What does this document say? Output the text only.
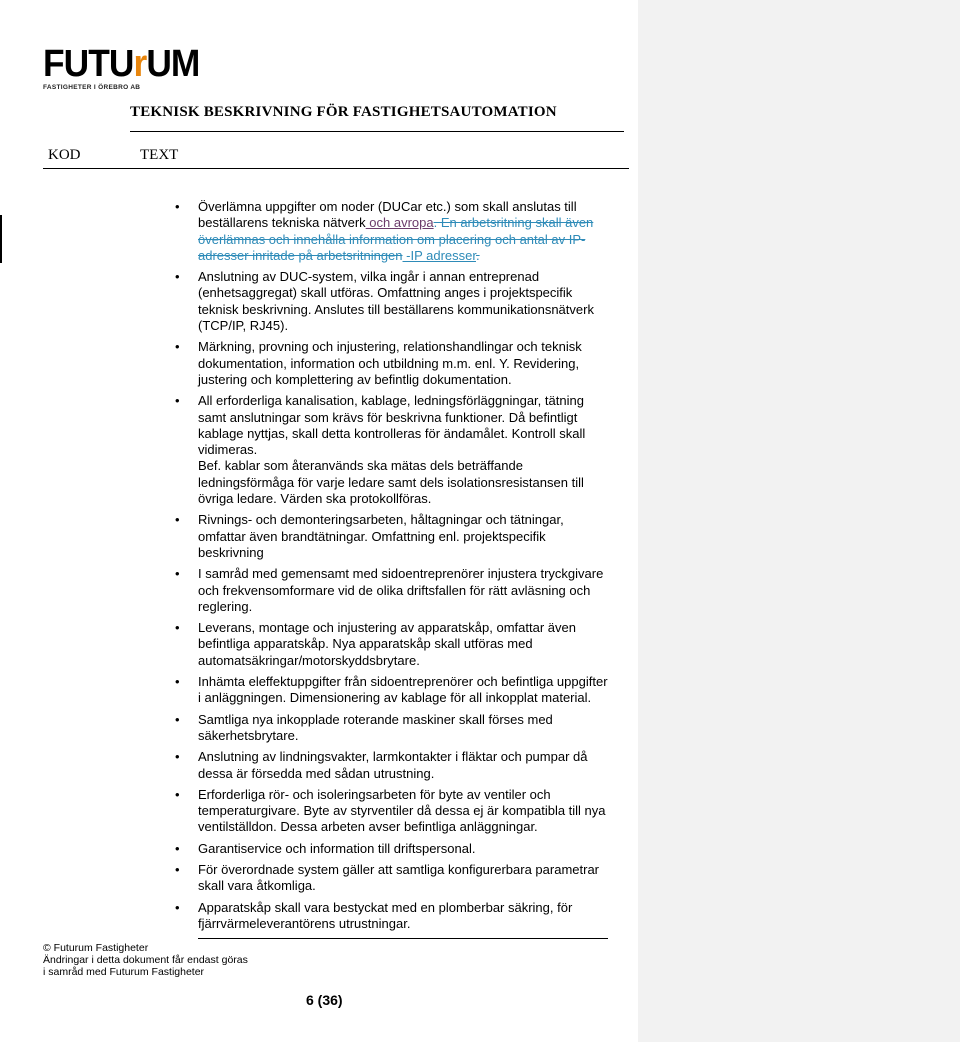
FUTU r UM
FASTIGHETER I ÖREBRO AB
TEKNISK BESKRIVNING FÖR FASTIGHETSAUTOMATION
KOD	TEXT
• Överlämna uppgifter om noder (DUCar etc.) som skall anslutas till beställarens tekniska nätverk och avropa. En arbetsritning skall även överlämnas och innehålla information om placering och antal av IP-adresser inritade på arbetsritningen -IP adresser.
• Anslutning av DUC-system, vilka ingår i annan entreprenad (enhetsaggregat) skall utföras. Omfattning anges i projektspecifik teknisk beskrivning. Anslutes till beställarens kommunikationsnätverk (TCP/IP, RJ45).
• Märkning, provning och injustering, relationshandlingar och teknisk dokumentation, information och utbildning m.m. enl. Y. Revidering, justering och komplettering av befintlig dokumentation.
• All erforderliga kanalisation, kablage, ledningsförläggningar, tätning samt anslutningar som krävs för beskrivna funktioner. Då befintligt kablage nyttjas, skall detta kontrolleras för ändamålet. Kontroll skall vidimeras.
Bef. kablar som återanvänds ska mätas dels beträffande ledningsförmåga för varje ledare samt dels isolationsresistansen till övriga ledare. Värden ska protokollföras.
• Rivnings- och demonteringsarbeten, håltagningar och tätningar, omfattar även brandtätningar. Omfattning enl. projektspecifik beskrivning
• I samråd med gemensamt med sidoentreprenörer injustera tryckgivare och frekvensomformare vid de olika driftsfallen för rätt avläsning och reglering.
• Leverans, montage och injustering av apparatskåp, omfattar även befintliga apparatskåp. Nya apparatskåp skall utföras med automatsäkringar/motorskyddsbrytare.
• Inhämta eleffektuppgifter från sidoentreprenörer och befintliga uppgifter i anläggningen. Dimensionering av kablage för all inkopplat material.
• Samtliga nya inkopplade roterande maskiner skall förses med säkerhetsbrytare.
• Anslutning av lindningsvakter, larmkontakter i fläktar och pumpar då dessa är försedda med sådan utrustning.
• Erforderliga rör- och isoleringsarbeten för byte av ventiler och temperaturgivare. Byte av styrventiler då dessa ej är kompatibla till nya ventilställdon. Dessa arbeten avser befintliga anläggningar.
• Garantiservice och information till driftspersonal.
• För överordnade system gäller att samtliga konfigurerbara parametrar skall vara åtkomliga.
• Apparatskåp skall vara bestyckat med en plomberbar säkring, för fjärrvärmeleverantörens utrustningar.
© Futurum Fastigheter
Ändringar i detta dokument får endast göras
i samråd med Futurum Fastigheter
6 (36)
